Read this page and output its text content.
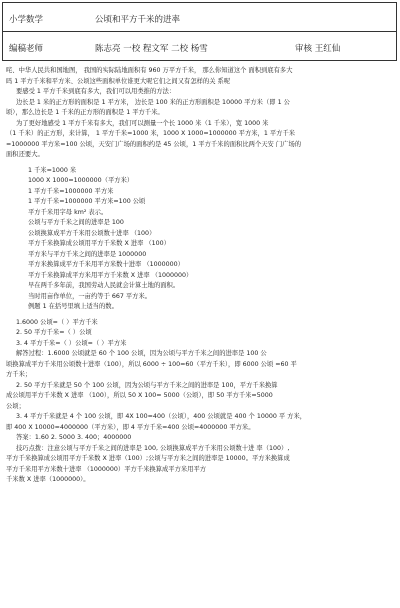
小学数学	公顷和平方千米的进率
编稿老师	陈志亮 一校 程文军 二校 杨雪	审核 王红仙

咤、中华人民共和国地图， 我国的实际陆地面积有 960 万平方千米， 那么你知道这个 面积到底有多大

吗 1 平方千米和平方米、公顷这些面积单位谁更大呢它们之间又有怎样的关 系呢

要感受 1 平方千米到底有多大，我们可以用类推的方法：

边长是 1 米的正方形的面积是 1 平方米， 边长是 100 米的正方形面积是 10000 平方米（即 1 公

顷），那么边长是 1 千米的正方形的面积是 1 平方千米。

为了更好地感受 1 平方千米有多大，我们可以测量一个长 1000 米（1 千米），宽 1000 米

（1 千米）的正方形，来计算， 1 平方千米=1000 米，1000 X 1000=1000000 平方米，1 平方千米

=1000000 平方米=100 公顷，天安门广场的面积约是 45 公顷，1 平方千米的面积比两个天安 门广场的

面积还要大。

1 千米=1000 米

1000 X 1000=1000000（平方米）

1 平方千米=1000000 平方米

1 平方千米=1000000 平方米=100 公顷

平方千米用字母 km² 表示。

公顷与平方千米之间的进率是 100

公顷换算成平方千米用公顷数十进率 （100）

平方千米换算成公顷用平方千米数 X 进率 （100）

平方米与平方千米之间的进率是 1000000

平方米换算成平方千米用平方米数十进率 （1000000）

平方千米换算成平方米用平方千米数 X 进率 （1000000）

早在两千多年前，我国劳动人民就会计算土地的面积。

当时用亩作单位，一亩约等于 667 平方米。

例题 1 在括号里填上适当的数。

1.6000 公顷=（ ）平方千米

2. 50 平方千米=（ ）公顷

3. 4 平方千米=（ ）公顷=（ ）平方米

解答过程：1.6000 公顷就是 60 个 100 公顷，因为公顷与平方千米之间的进率是 100 公

顷换算成平方千米用公顷数十进率（100），所以 6000 ÷ 100=60（平方千米），即 6000 公顷 =60 平

方千米；

2. 50 平方千米就是 50 个 100 公顷，因为公顷与平方千米之间的进率是 100，平方千米换算

成公顷用平方千米数 X 进率 （100），所以 50 X 100= 5000（公顷），即 50 平方千米=5000

公顷；

3. 4 平方千米就是 4 个 100 公顷，即 4X 100=400（公顷），400 公顷就是 400 个 10000 平 方米，

即 400 X 10000=4000000（平方米），即 4 平方千米=400 公顷=4000000 平方米。

答案：1.60 2. 5000 3. 400；4000000

技巧点拨：注意公顷与平方千米之间的进率是 100, 公顷换算成平方千米用公顷数十进 率（100）,

平方千米换算成公顷用平方千米数 X 进率（100）;公顷与平方米之间的进率是 10000。平方米换算成

平方千米用平方米数十进率 （1000000）平方千米换算成平方米用平方

千米数 X 进率（1000000）。
